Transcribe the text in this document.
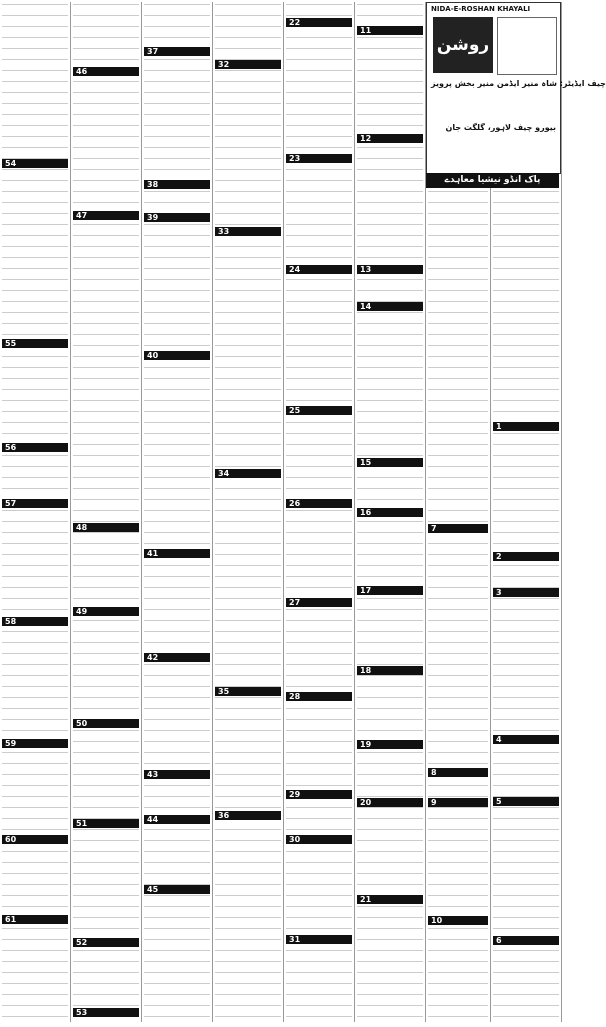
54
55
56
57
58
59
60
61
46
47
48
49
50
51
52
53
37
38
39
40
41
42
43
44
45
32
33
34
35
36
22
23
24
25
26
27
28
29
30
31
11
12
13
14
15
16
17
18
19
20
21
7
8
9
10
1
2
3
4
5
6
NIDA-E-ROSHAN KHAYALI
روشن خیالی
چیف ایڈیٹر: شاہ منیر ایڈمن منیر بخش پرویز
بیورو چیف لاہور، گلگت جان
پاک انڈو نیشیا معاہدے
